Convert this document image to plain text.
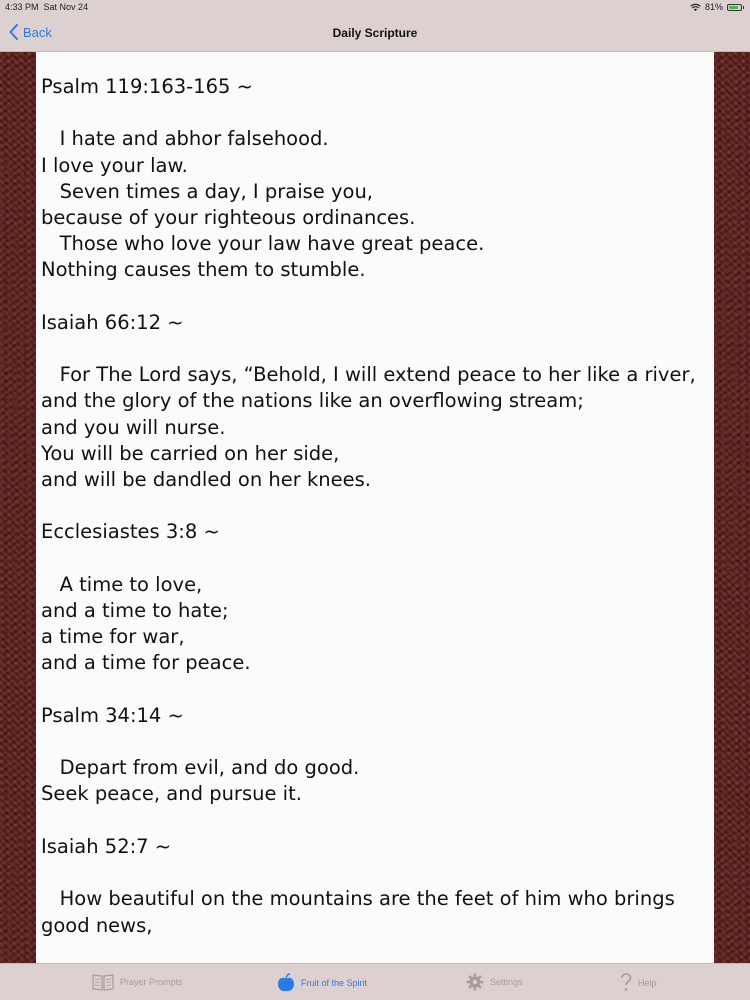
4:33 PM Sat Nov 24	81%
Back	Daily Scripture
Psalm 119:163-165 ~

I hate and abhor falsehood.
I love your law.
Seven times a day, I praise you,
because of your righteous ordinances.
Those who love your law have great peace.
Nothing causes them to stumble.

Isaiah 66:12 ~

For The Lord says, “Behold, I will extend peace to her like a river,
and the glory of the nations like an overflowing stream;
and you will nurse.
You will be carried on her side,
and will be dandled on her knees.

Ecclesiastes 3:8 ~

A time to love,
and a time to hate;
a time for war,
and a time for peace.

Psalm 34:14 ~

Depart from evil, and do good.
Seek peace, and pursue it.

Isaiah 52:7 ~

How beautiful on the mountains are the feet of him who brings good news,
Prayer Prompts	Fruit of the Spirit	Settings	Help
